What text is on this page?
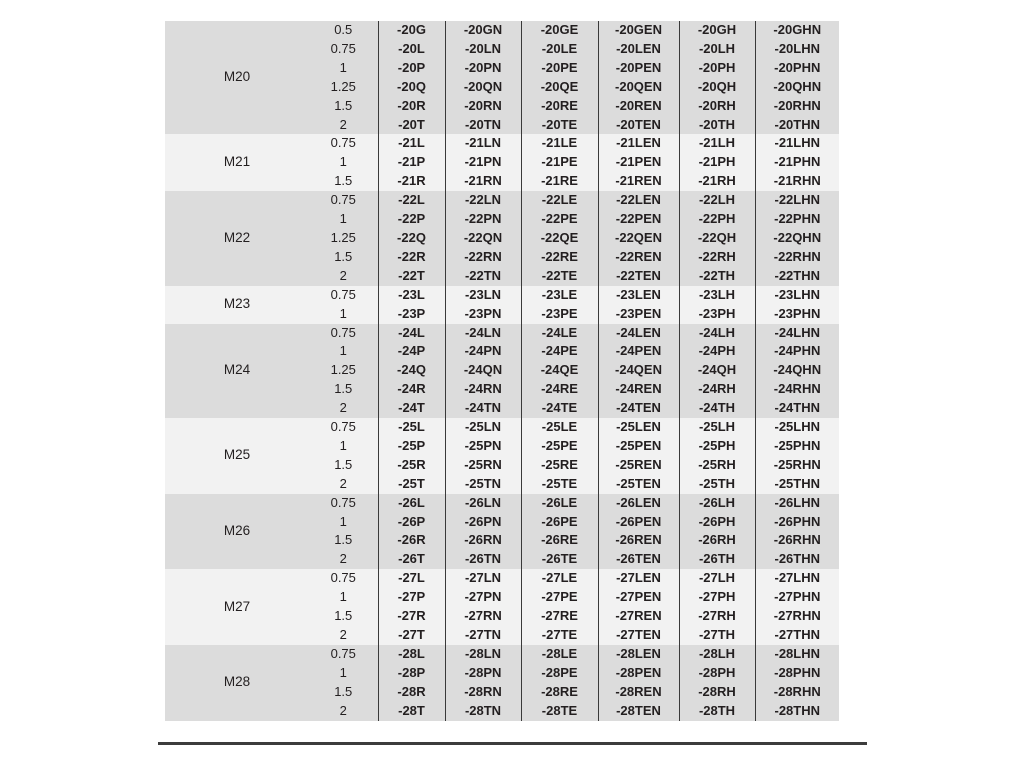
M20	0.5	-20G	-20GN	-20GE	-20GEN	-20GH	-20GHN
	0.75	-20L	-20LN	-20LE	-20LEN	-20LH	-20LHN
	1	-20P	-20PN	-20PE	-20PEN	-20PH	-20PHN
	1.25	-20Q	-20QN	-20QE	-20QEN	-20QH	-20QHN
	1.5	-20R	-20RN	-20RE	-20REN	-20RH	-20RHN
	2	-20T	-20TN	-20TE	-20TEN	-20TH	-20THN
M21	0.75	-21L	-21LN	-21LE	-21LEN	-21LH	-21LHN
	1	-21P	-21PN	-21PE	-21PEN	-21PH	-21PHN
	1.5	-21R	-21RN	-21RE	-21REN	-21RH	-21RHN
M22	0.75	-22L	-22LN	-22LE	-22LEN	-22LH	-22LHN
	1	-22P	-22PN	-22PE	-22PEN	-22PH	-22PHN
	1.25	-22Q	-22QN	-22QE	-22QEN	-22QH	-22QHN
	1.5	-22R	-22RN	-22RE	-22REN	-22RH	-22RHN
	2	-22T	-22TN	-22TE	-22TEN	-22TH	-22THN
M23	0.75	-23L	-23LN	-23LE	-23LEN	-23LH	-23LHN
	1	-23P	-23PN	-23PE	-23PEN	-23PH	-23PHN
M24	0.75	-24L	-24LN	-24LE	-24LEN	-24LH	-24LHN
	1	-24P	-24PN	-24PE	-24PEN	-24PH	-24PHN
	1.25	-24Q	-24QN	-24QE	-24QEN	-24QH	-24QHN
	1.5	-24R	-24RN	-24RE	-24REN	-24RH	-24RHN
	2	-24T	-24TN	-24TE	-24TEN	-24TH	-24THN
M25	0.75	-25L	-25LN	-25LE	-25LEN	-25LH	-25LHN
	1	-25P	-25PN	-25PE	-25PEN	-25PH	-25PHN
	1.5	-25R	-25RN	-25RE	-25REN	-25RH	-25RHN
	2	-25T	-25TN	-25TE	-25TEN	-25TH	-25THN
M26	0.75	-26L	-26LN	-26LE	-26LEN	-26LH	-26LHN
	1	-26P	-26PN	-26PE	-26PEN	-26PH	-26PHN
	1.5	-26R	-26RN	-26RE	-26REN	-26RH	-26RHN
	2	-26T	-26TN	-26TE	-26TEN	-26TH	-26THN
M27	0.75	-27L	-27LN	-27LE	-27LEN	-27LH	-27LHN
	1	-27P	-27PN	-27PE	-27PEN	-27PH	-27PHN
	1.5	-27R	-27RN	-27RE	-27REN	-27RH	-27RHN
	2	-27T	-27TN	-27TE	-27TEN	-27TH	-27THN
M28	0.75	-28L	-28LN	-28LE	-28LEN	-28LH	-28LHN
	1	-28P	-28PN	-28PE	-28PEN	-28PH	-28PHN
	1.5	-28R	-28RN	-28RE	-28REN	-28RH	-28RHN
	2	-28T	-28TN	-28TE	-28TEN	-28TH	-28THN
